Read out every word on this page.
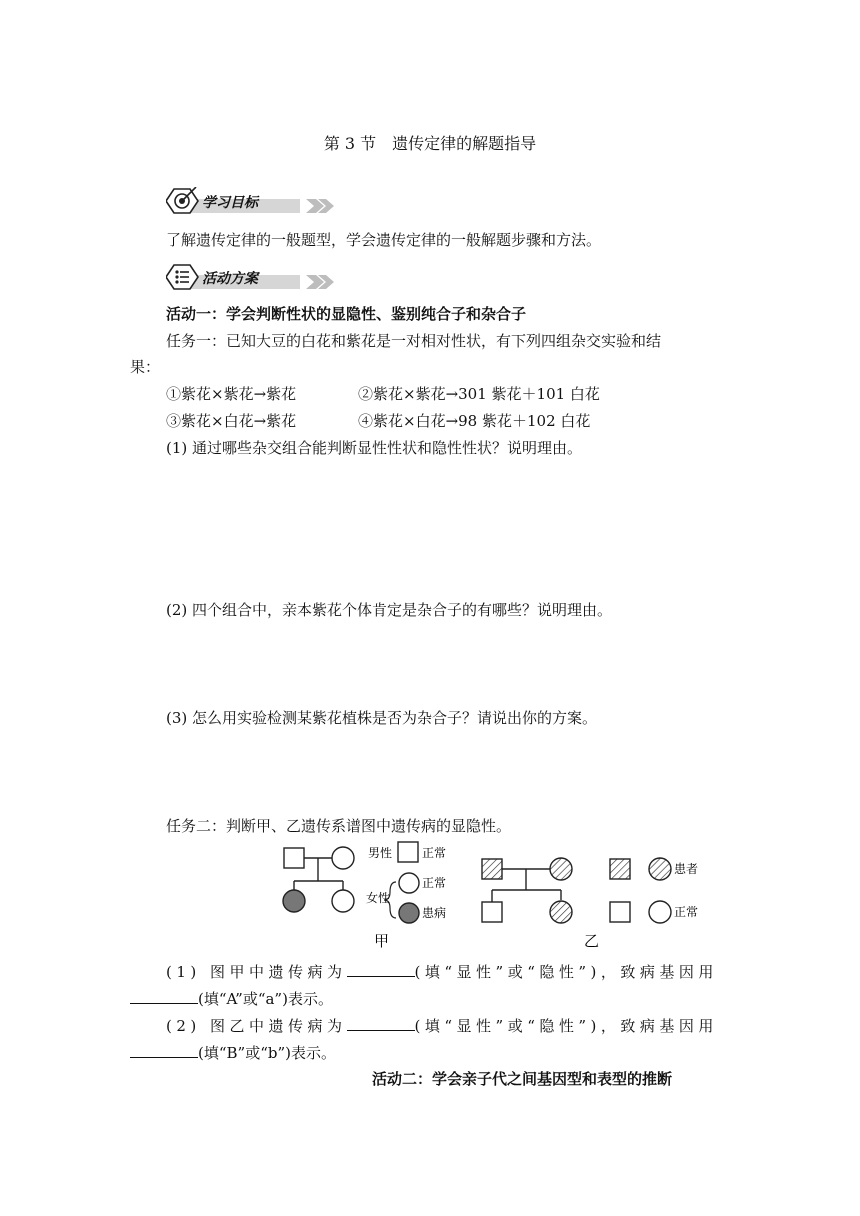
第 3 节　遗传定律的解题指导
学习目标
了解遗传定律的一般题型，学会遗传定律的一般解题步骤和方法。
活动方案
活动一：学会判断性状的显隐性、鉴别纯合子和杂合子
任务一：已知大豆的白花和紫花是一对相对性状，有下列四组杂交实验和结
果：
①紫花×紫花→紫花	②紫花×紫花→301 紫花＋101 白花
③紫花×白花→紫花	④紫花×白花→98 紫花＋102 白花
(1) 通过哪些杂交组合能判断显性性状和隐性性状？说明理由。
(2) 四个组合中，亲本紫花个体肯定是杂合子的有哪些？说明理由。
(3) 怎么用实验检测某紫花植株是否为杂合子？请说出你的方案。
任务二：判断甲、乙遗传系谱图中遗传病的显隐性。
男性 正常
女性
正常
患病
患者
正常
甲	乙
(1) 图甲中遗传病为	(填“显性”或“隐性”)，致病基因用
(填“A”或“a”)表示。
(2) 图乙中遗传病为	(填“显性”或“隐性”)，致病基因用
(填“B”或“b”)表示。
活动二：学会亲子代之间基因型和表型的推断
